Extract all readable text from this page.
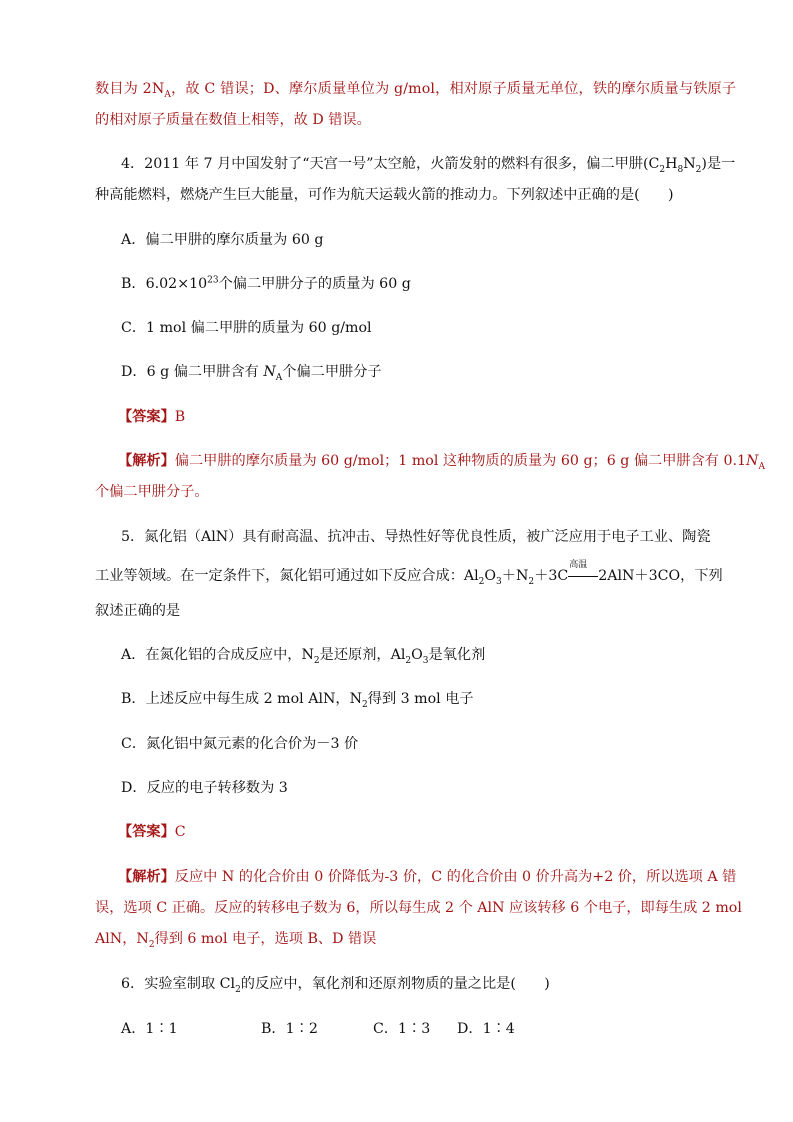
数目为 $2N_A$，故 C 错误；D、摩尔质量单位为 g/mol，相对原子质量无单位，铁的摩尔质量与铁原子
的相对原子质量在数值上相等，故 D 错误。
4．2011 年 7 月中国发射了“天宫一号”太空舱，火箭发射的燃料有很多，偏二甲肼$(C_2H_8N_2)$是一
种高能燃料，燃烧产生巨大能量，可作为航天运载火箭的推动力。下列叙述中正确的是(　　)
A．偏二甲肼的摩尔质量为 60 g
B．$6.02\times 10^{23}$个偏二甲肼分子的质量为 60 g
C．1 mol 偏二甲肼的质量为 60 g/mol
D．6 g 偏二甲肼含有 $N_A$个偏二甲肼分子
【答案】B
【解析】偏二甲肼的摩尔质量为 60 g/mol；1 mol 这种物质的质量为 60 g；6 g 偏二甲肼含有 $0.1N_A$
个偏二甲肼分子。
5．氮化铝（AlN）具有耐高温、抗冲击、导热性好等优良性质，被广泛应用于电子工业、陶瓷
工业等领域。在一定条件下，氮化铝可通过如下反应合成：$Al_2O_3+N_2+3C$
高温
2AlN＋3CO，下列
叙述正确的是
A．在氮化铝的合成反应中，$N_2$是还原剂，$Al_2O_3$是氧化剂
B．上述反应中每生成 2 mol AlN，$N_2$得到 3 mol 电子
C．氮化铝中氮元素的化合价为－3 价
D．反应的电子转移数为 3
【答案】C
【解析】反应中 N 的化合价由 0 价降低为-3 价，C 的化合价由 0 价升高为+2 价，所以选项 A 错
误，选项 C 正确。反应的转移电子数为 6，所以每生成 2 个 AlN 应该转移 6 个电子，即每生成 2 mol
AlN，$N_2$得到 6 mol 电子，选项 B、D 错误
6．实验室制取 $Cl_2$的反应中，氧化剂和还原剂物质的量之比是(　　)
A．1∶1	B．1∶2	C．1∶3 D．1∶4
